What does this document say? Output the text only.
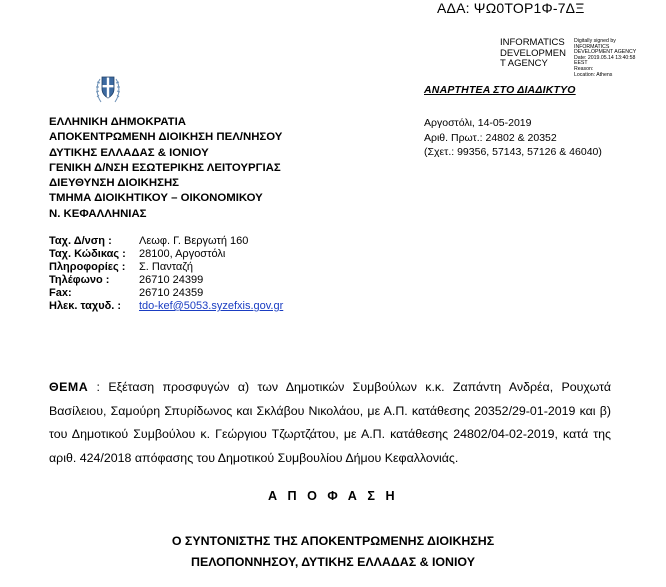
ΑΔΑ: ΨΩ0ΤΟΡ1Φ-7ΔΞ
INFORMATICS DEVELOPMEN T AGENCY
Digitally signed by
INFORMATICS
DEVELOPMENT AGENCY
Date: 2019.05.14 13:40:58
EEST
Reason:
Location: Athens
ΕΛΛΗΝΙΚΗ ΔΗΜΟΚΡΑΤΙΑ
ΑΠΟΚΕΝΤΡΩΜΕΝΗ ΔΙΟΙΚΗΣΗ ΠΕΛ/ΝΗΣΟΥ
ΔΥΤΙΚΗΣ ΕΛΛΑΔΑΣ & ΙΟΝΙΟΥ
ΓΕΝΙΚΗ Δ/ΝΣΗ ΕΣΩΤΕΡΙΚΗΣ ΛΕΙΤΟΥΡΓΙΑΣ
ΔΙΕΥΘΥΝΣΗ ΔΙΟΙΚΗΣΗΣ
ΤΜΗΜΑ ΔΙΟΙΚΗΤΙΚΟΥ – ΟΙΚΟΝΟΜΙΚΟΥ
Ν. ΚΕΦΑΛΛΗΝΙΑΣ
ΑΝΑΡΤΗΤΕΑ ΣΤΟ ΔΙΑΔΙΚΤΥΟ
Αργοστόλι, 14-05-2019
Αριθ. Πρωτ.: 24802 & 20352
(Σχετ.: 99356, 57143, 57126 & 46040)
Ταχ. Δ/νση :	Λεωφ. Γ. Βεργωτή 160
Ταχ. Κώδικας :	28100, Αργοστόλι
Πληροφορίες :	Σ. Πανταζή
Τηλέφωνο :	26710 24399
Fax:	26710 24359
Ηλεκ. ταχυδ. :	tdo-kef@5053.syzefxis.gov.gr
ΘΕΜΑ : Εξέταση προσφυγών α) των Δημοτικών Συμβούλων κ.κ. Ζαπάντη Ανδρέα, Ρουχωτά Βασίλειου, Σαμούρη Σπυρίδωνος και Σκλάβου Νικολάου, με Α.Π. κατάθεσης 20352/29-01-2019 και β) του Δημοτικού Συμβούλου κ. Γεώργιου Τζωρτζάτου, με Α.Π. κατάθεσης 24802/04-02-2019, κατά της αριθ. 424/2018 απόφασης του Δημοτικού Συμβουλίου Δήμου Κεφαλλονιάς.
Α Π Ο Φ Α Σ Η
Ο ΣΥΝΤΟΝΙΣΤΗΣ ΤΗΣ ΑΠΟΚΕΝΤΡΩΜΕΝΗΣ ΔΙΟΙΚΗΣΗΣ
ΠΕΛΟΠΟΝΝΗΣΟΥ, ΔΥΤΙΚΗΣ ΕΛΛΑΔΑΣ & ΙΟΝΙΟΥ
